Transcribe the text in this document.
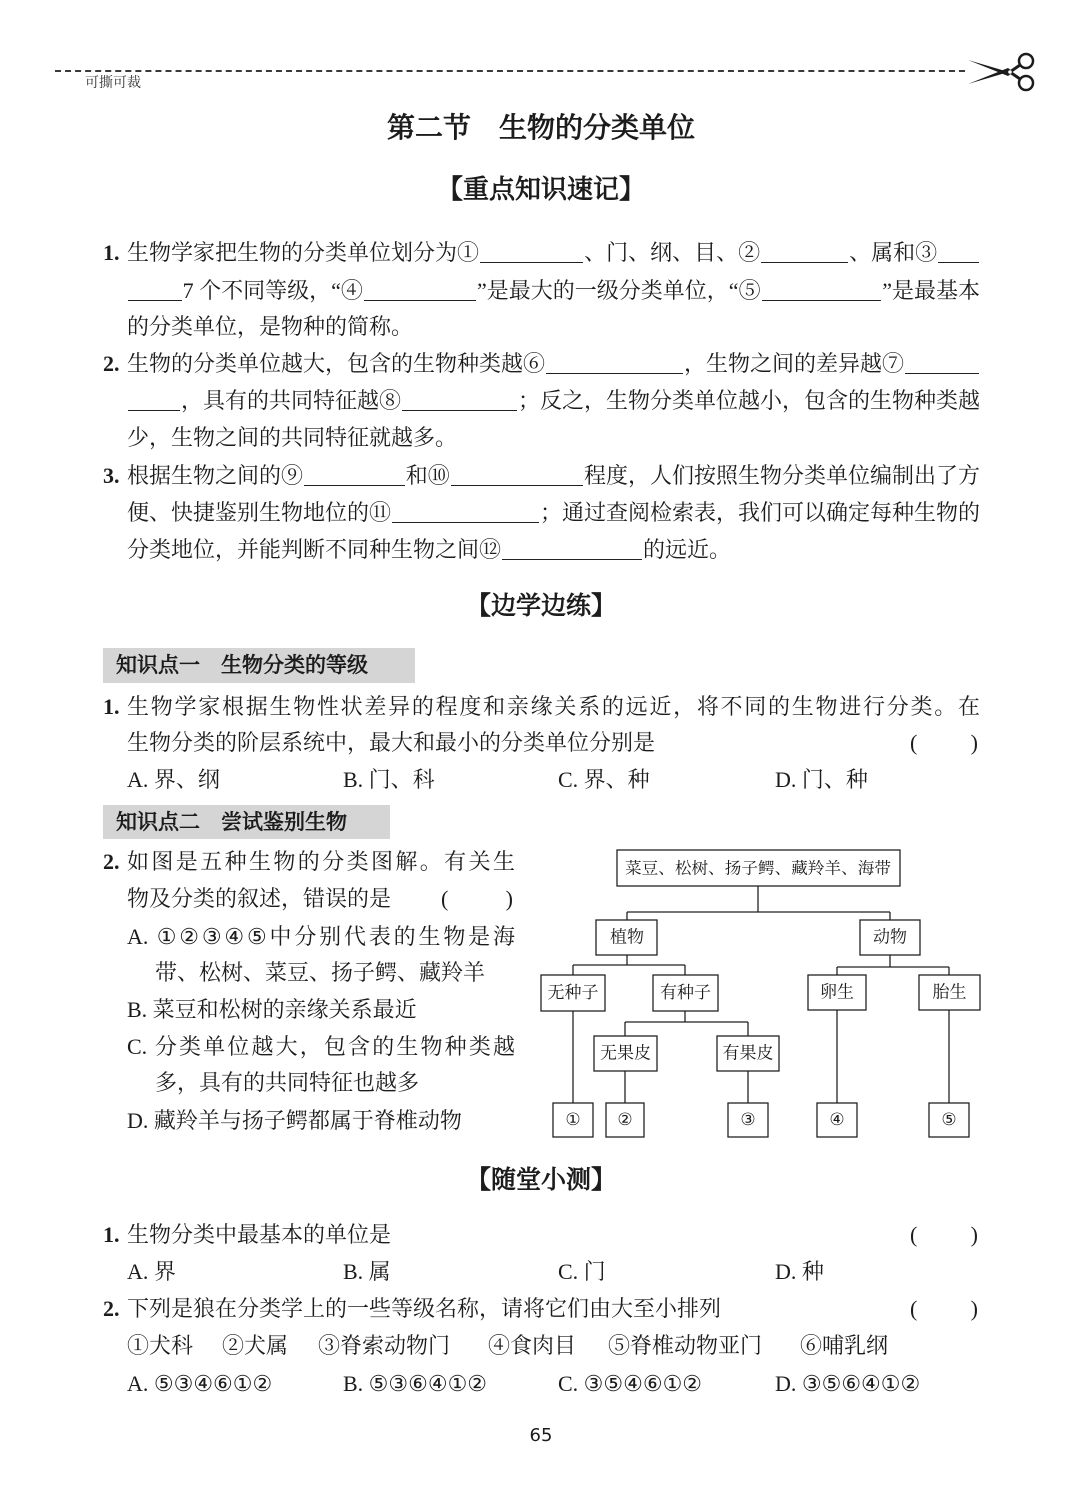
可撕可裁
第二节　生物的分类单位
【重点知识速记】
1. 生物学家把生物的分类单位划分为①	、门、纲、目、②	、属和③
7 个不同等级，“④	”是最大的一级分类单位，“⑤	”是最基本
的分类单位，是物种的简称。
2. 生物的分类单位越大，包含的生物种类越⑥	，生物之间的差异越⑦
，具有的共同特征越⑧	；反之，生物分类单位越小，包含的生物种类越
少，生物之间的共同特征就越多。
3. 根据生物之间的⑨	和⑩	程度，人们按照生物分类单位编制出了方
便、快捷鉴别生物地位的⑪	；通过查阅检索表，我们可以确定每种生物的
分类地位，并能判断不同种生物之间⑫	的远近。
【边学边练】
知识点一　生物分类的等级
1. 生物学家根据生物性状差异的程度和亲缘关系的远近，将不同的生物进行分类。在
生物分类的阶层系统中，最大和最小的分类单位分别是	(　　)
A. 界、纲	B. 门、科	C. 界、种	D. 门、种
知识点二　尝试鉴别生物
2. 如图是五种生物的分类图解。有关生
物及分类的叙述，错误的是	(　　)
A. ①②③④⑤中分别代表的生物是海
带、松树、菜豆、扬子鳄、藏羚羊
B. 菜豆和松树的亲缘关系最近
C. 分类单位越大，包含的生物种类越
多，具有的共同特征也越多
D. 藏羚羊与扬子鳄都属于脊椎动物
菜豆、松树、扬子鳄、藏羚羊、海带
植物	动物
无种子	有种子
无果皮	有果皮
卵生	胎生
① ②	③	④	⑤
【随堂小测】
1. 生物分类中最基本的单位是	(　　)
A. 界	B. 属	C. 门	D. 种
2. 下列是狼在分类学上的一些等级名称，请将它们由大至小排列	(　　)
①犬科 ②犬属 ③脊索动物门 ④食肉目 ⑤脊椎动物亚门 ⑥哺乳纲
A. ⑤③④⑥①②	B. ⑤③⑥④①②	C. ③⑤④⑥①②	D. ③⑤⑥④①②
65
